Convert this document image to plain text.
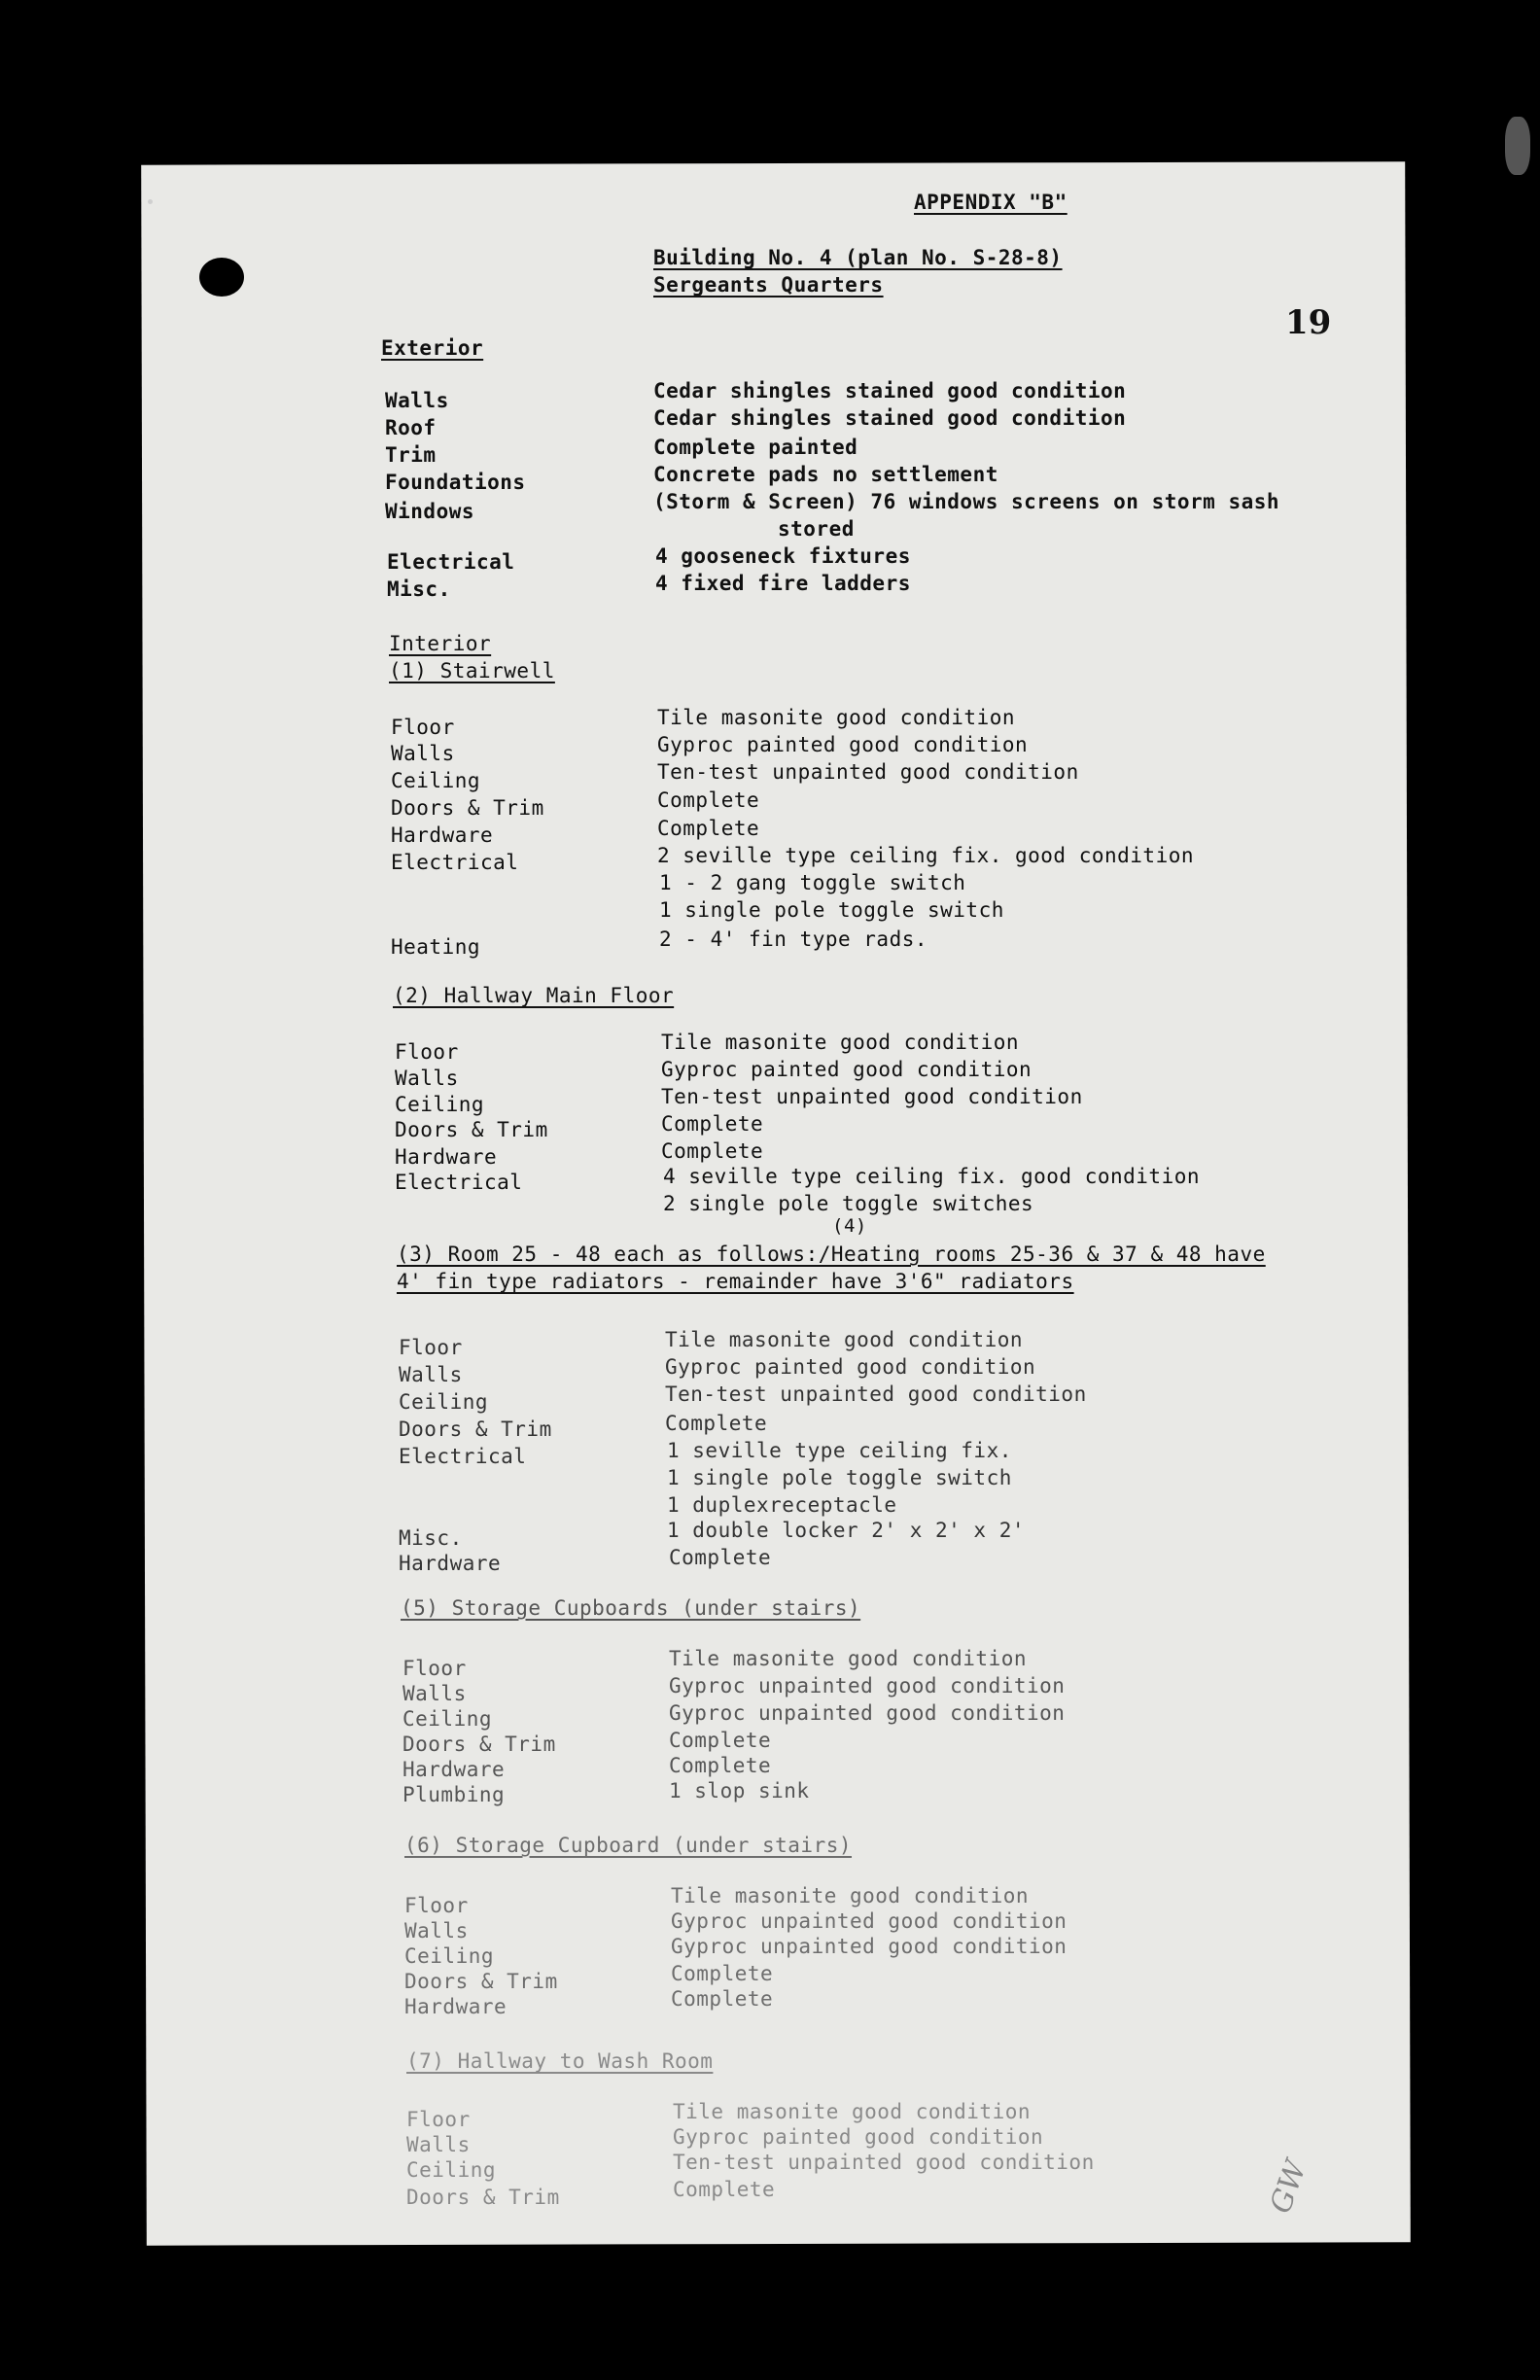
APPENDIX "B"
Building No. 4 (plan No. S-28-8)
Sergeants Quarters
19
Exterior
Walls	Cedar shingles stained good condition
Roof	Cedar shingles stained good condition
Trim	Complete painted
Foundations	Concrete pads no settlement
Windows	(Storm & Screen) 76 windows screens on storm sash
stored
Electrical	4 gooseneck fixtures
Misc.	4 fixed fire ladders
Interior
(1) Stairwell
Floor	Tile masonite good condition
Walls	Gyproc painted good condition
Ceiling	Ten-test unpainted good condition
Doors & Trim	Complete
Hardware	Complete
Electrical	2 seville type ceiling fix. good condition
1 - 2 gang toggle switch
1 single pole toggle switch
Heating	2 - 4' fin type rads.
(2) Hallway Main Floor
Floor	Tile masonite good condition
Walls	Gyproc painted good condition
Ceiling	Ten-test unpainted good condition
Doors & Trim	Complete
Hardware	Complete
Electrical	4 seville type ceiling fix. good condition
2 single pole toggle switches
(4)
(3) Room 25 - 48 each as follows:/Heating rooms 25-36 & 37 & 48 have
4' fin type radiators - remainder have 3'6" radiators
Floor	Tile masonite good condition
Walls	Gyproc painted good condition
Ceiling	Ten-test unpainted good condition
Doors & Trim	Complete
Electrical	1 seville type ceiling fix.
1 single pole toggle switch
1 duplexreceptacle
Misc.	1 double locker 2' x 2' x 2'
Hardware	Complete
(5) Storage Cupboards (under stairs)
Floor	Tile masonite good condition
Walls	Gyproc unpainted good condition
Ceiling	Gyproc unpainted good condition
Doors & Trim	Complete
Hardware	Complete
Plumbing	1 slop sink
(6) Storage Cupboard (under stairs)
Floor	Tile masonite good condition
Walls	Gyproc unpainted good condition
Ceiling	Gyproc unpainted good condition
Doors & Trim	Complete
Hardware	Complete
(7) Hallway to Wash Room
Floor	Tile masonite good condition
Walls	Gyproc painted good condition
Ceiling	Ten-test unpainted good condition
Doors & Trim	Complete	GW
